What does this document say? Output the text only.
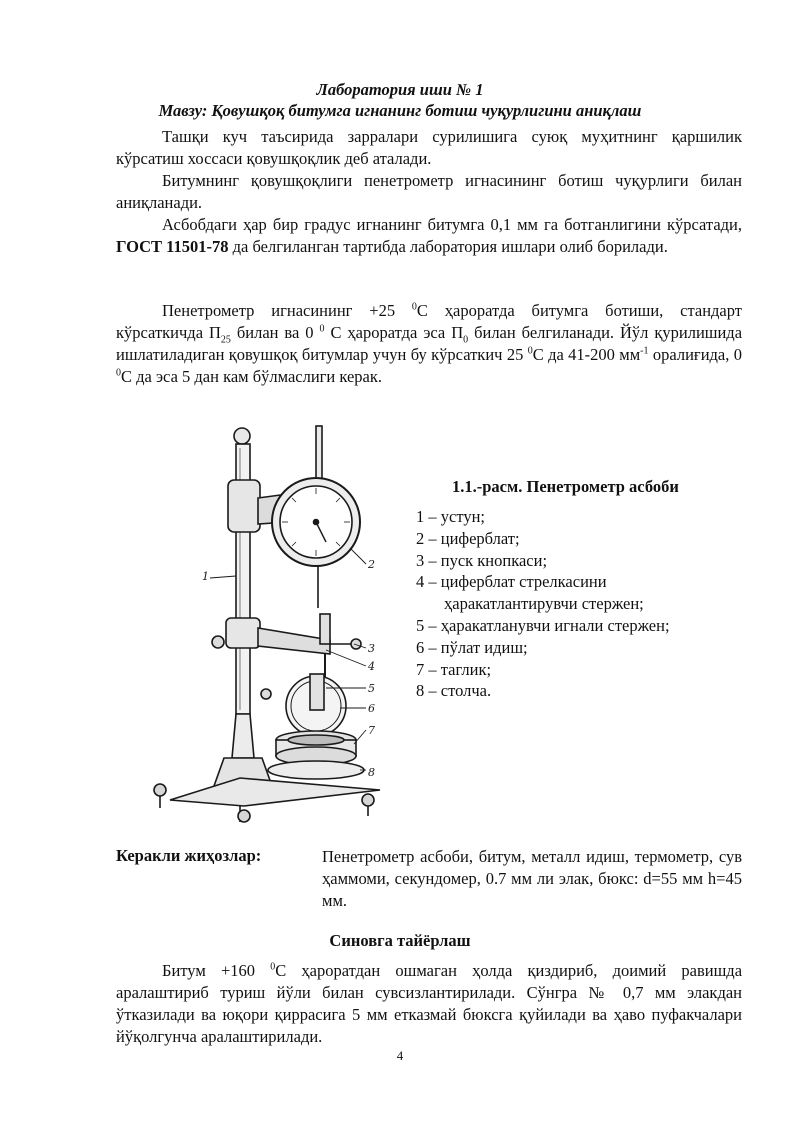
Лаборатория иши № 1
Мавзу: Қовушқоқ битумга игнанинг ботиш чуқурлигини аниқлаш

Ташқи куч таъсирида зарралари сурилишига суюқ муҳитнинг қаршилик кўрсатиш хоссаси қовушқоқлик деб аталади.

Битумнинг қовушқоқлиги пенетрометр игнасининг ботиш чуқурлиги билан аниқланади.

Асбобдаги ҳар бир градус игнанинг битумга 0,1 мм га ботганлигини кўрсатади, ГОСТ 11501-78 да белгиланган тартибда лаборатория ишлари олиб борилади.

Пенетрометр игнасининг +25 $^0$С ҳароратда битумга ботиши, стандарт кўрсаткичда $П_{25}$ билан ва 0 $^0$ С ҳароратда эса $П_0$ билан белгиланади. Йўл қурилишида ишлатиладиган қовушқоқ битумлар учун бу кўрсаткич 25 $^0$С да 41-200 $мм^{-1}$ оралиғида, 0 $^0$С да эса 5 дан кам бўлмаслиги керак.

1
2
3
4
5
6
7
8
1.1.-расм. Пенетрометр асбоби
1 – устун;
2 – циферблат;
3 – пуск кнопкаси;
4 – циферблат стрелкасини
ҳаракатлантирувчи стержен;
5 – ҳаракатланувчи игнали стержен;
6 – пўлат идиш;
7 – таглик;
8 – столча.
Керакли жиҳозлар:	Пенетрометр асбоби, битум, металл идиш, термометр, сув ҳаммоми, секундомер, 0.7 мм ли элак, бюкс: d=55 мм h=45 мм.

Синовга тайёрлаш

Битум +160 $^0$С ҳароратдан ошмаган ҳолда қиздириб, доимий равишда аралаштириб туриш йўли билан сувсизлантирилади. Сўнгра № 0,7 мм элакдан ўтказилади ва юқори қиррасига 5 мм етказмай бюксга қуйилади ва ҳаво пуфакчалари йўқолгунча аралаштирилади.

4
